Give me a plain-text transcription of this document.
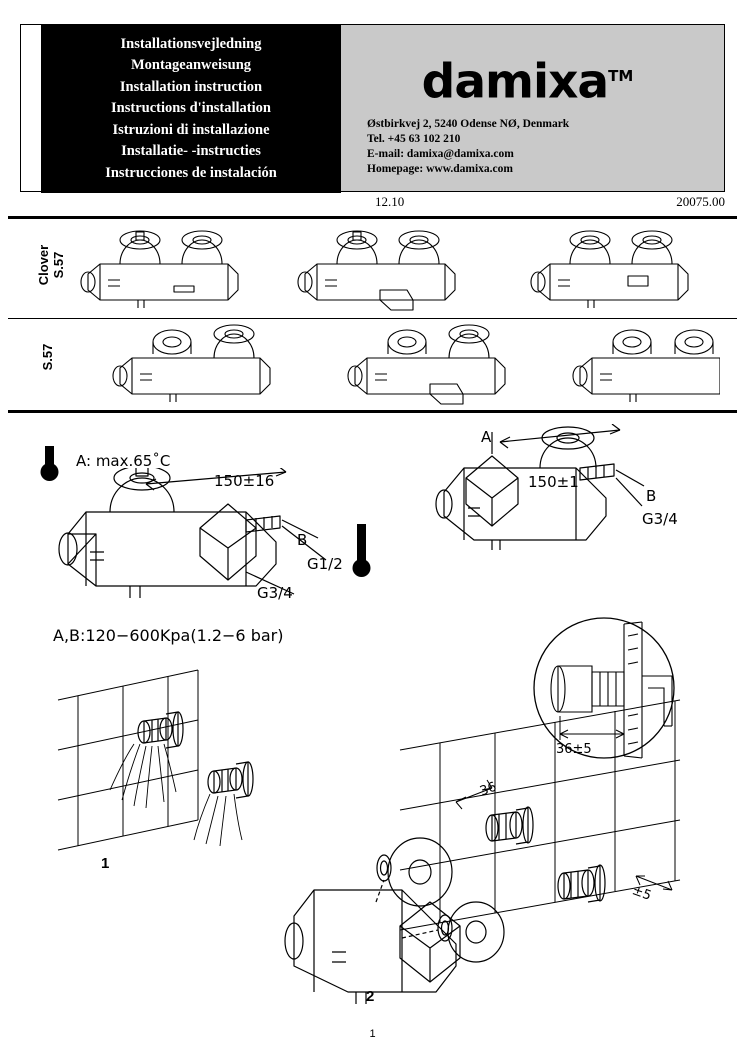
Installationsvejledning
Montageanweisung
Installation instruction
Instructions d'installation
Istruzioni di installazione
Installatie- -instructies
Instrucciones de instalación
damixa™
Østbirkvej 2, 5240 Odense NØ, Denmark
Tel. +45 63 102 210
E-mail: damixa@damixa.com
Homepage: www.damixa.com
12.10	20075.00
Clover
S.57
S.57
A: max.65˚C
150±16
B
G1/2
G3/4
A
150±1
B
G3/4
A,B:120−600Kpa(1.2−6 bar)
1
36±5
36
±5
2
1
